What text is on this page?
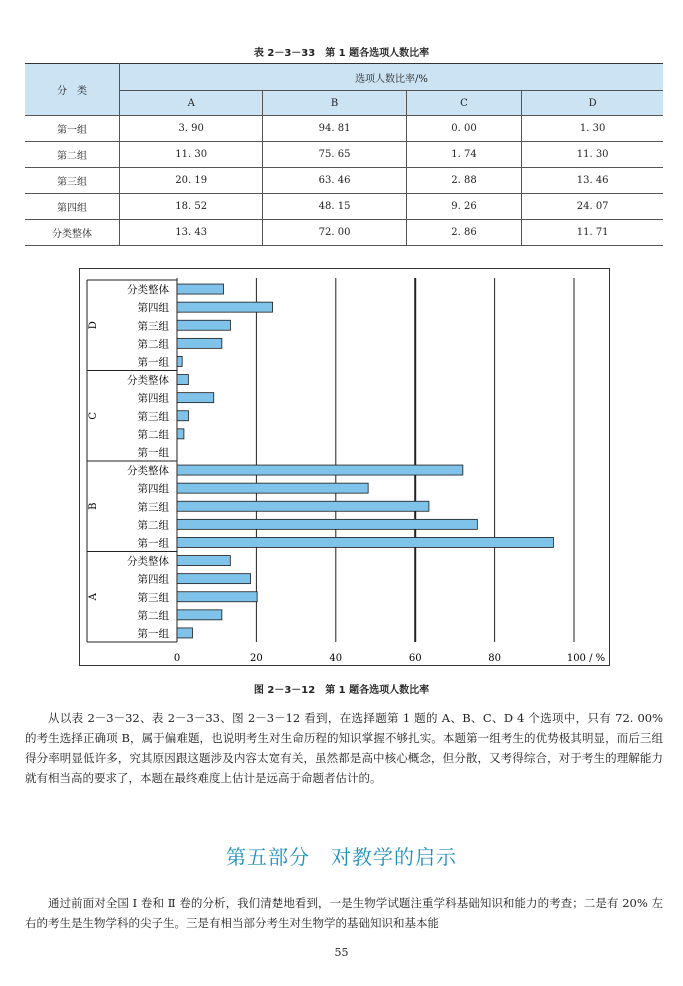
表 2－3－33　第 1 题各选项人数比率
分　类	选项人数比率/%			
	A	B	C	D
第一组	3. 90	94. 81	0. 00	1. 30
第二组	11. 30	75. 65	1. 74	11. 30
第三组	20. 19	63. 46	2. 88	13. 46
第四组	18. 52	48. 15	9. 26	24. 07
分类整体	13. 43	72. 00	2. 86	11. 71
D
分类整体
第四组
第三组
第二组
第一组
C
分类整体
第四组
第三组
第二组
第一组
B
分类整体
第四组
第三组
第二组
第一组
A
分类整体
第四组
第三组
第二组
第一组
0	20	40	60	80	100 / %
图 2－3－12　第 1 题各选项人数比率

从以表 2－3－32、表 2－3－33、图 2－3－12 看到，在选择题第 1 题的 A、B、C、D 4 个选项中，只有 72. 00% 的考生选择正确项 B，属于偏难题，也说明考生对生命历程的知识掌握不够扎实。本题第一组考生的优势极其明显，而后三组得分率明显低许多，究其原因跟这题涉及内容太宽有关，虽然都是高中核心概念，但分散，又考得综合，对于考生的理解能力就有相当高的要求了，本题在最终难度上估计是远高于命题者估计的。

第五部分　对教学的启示

通过前面对全国 Ⅰ 卷和 Ⅱ 卷的分析，我们清楚地看到，一是生物学试题注重学科基础知识和能力的考查；二是有 20% 左右的考生是生物学科的尖子生。三是有相当部分考生对生物学的基础知识和基本能

55
